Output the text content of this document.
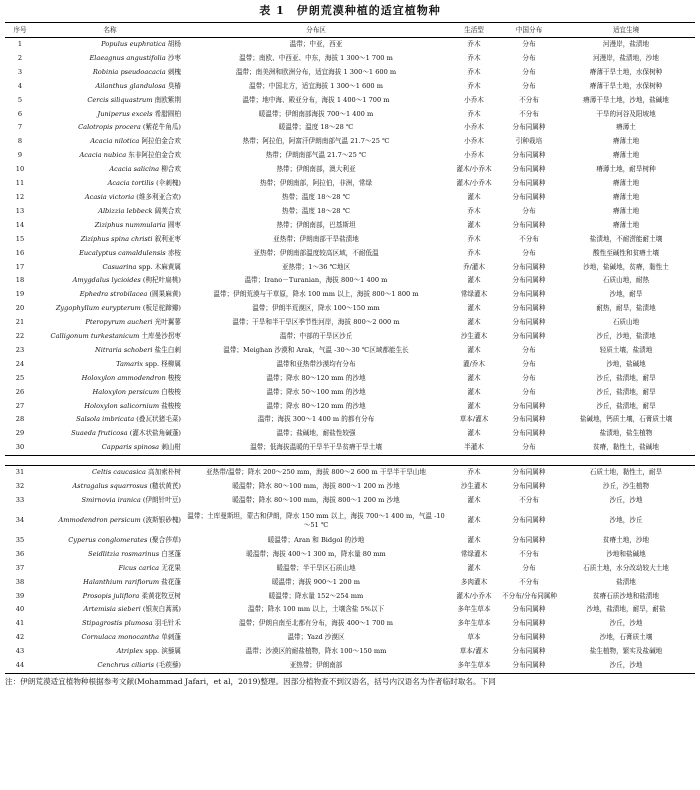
表 1　伊朗荒漠种植的适宜植物种
序号	名称	分布区	生活型	中国分布	适宜生境
1	Populus euphratica 胡杨	温带；中亚，西亚	乔木	分布	河漫岸，盐渍地
2	Elaeagnus angustifolia 沙枣	温带；南欧、中西亚、中东，海拔 1 300～1 700 m	乔木	分布	河漫岸，盐渍地，沙地
3	Robinia pseudoacacia 刺槐	温带；南美洲和欧洲分布，适宜海拔 1 300～1 600 m	乔木	分布	瘠薄干旱土地，水保树种
4	Ailanthus glandulosa 臭椿	温带；中国北方，适宜海拔 1 300～1 600 m	乔木	分布	瘠薄干旱土地，水保树种
5	Cercis siliquastrum 南欧紫荆	温带；地中海、殿亚分布，海拔 1 400～1 700 m	小乔木	不分布	瘠薄干旱土地，沙地，盐碱地
6	Juniperus excels 希腊圆柏	暖温带；伊朗南部海拔 700～1 400 m	乔木	不分布	干旱的河谷及阳坡地
7	Calotropis procera (紫花牛角瓜)	暖温带；温度 18～28 ℃	小乔木	分布同属种	瘠薄土
8	Acacia nilotica 阿拉伯金合欢	热带；阿拉伯，阿富汗伊朗南部气温 21.7～25 ℃	小乔木	引种栽培	瘠薄土地
9	Acacia nubica 东非阿拉伯金合欢	热带；伊朗南部气温 21.7～25 ℃	小乔木	分布同属种	瘠薄土地
10	Acacia salicina 柳合欢	热带；伊朗南部，澳大利亚	灌木/小乔木	分布同属种	瘠薄土地，耐旱树种
11	Acacia tortilis (伞刺槐)	热带；伊朗南部，阿拉伯，非洲，常绿	灌木/小乔木	分布同属种	瘠薄土地
12	Acasia victoria (维多利亚合欢)	热带；温度 18～28 ℃	灌木	分布同属种	瘠薄土地
13	Albizzia lebbeck 阔荚合欢	热带；温度 18～28 ℃	乔木	分布	瘠薄土地
14	Ziziphus nummularia 圆枣	热带；伊朗南部，巴基斯坦	灌木	分布同属种	瘠薄土地
15	Ziziphus spina christi 叙利亚枣	亚热带；伊朗南部干旱盐渍地	乔木	不分布	盐渍地，不耐涝能耐土壤
16	Eucalyptus camaldulensis 赤桉	亚热带；伊朗南部温度较高区域，不耐低温	乔木	分布	酸性至碱性和贫瘠土壤
17	Casuarina spp. 木麻黄属	亚热带；1～36 ℃地区	乔/灌木	分布同属种	沙地，盐碱地，贫瘠，黏性土
18	Amygdalus lycioides (枸杞叶扁桃)	温带；Irano－Turanian，海拔 800～1 400 m	灌木	分布同属种	石质山地，耐热
19	Ephedra strobilacea (圆果麻黄)	温带；伊朗荒漠与干草原，降水 100 mm 以上，海拔 800～1 800 m	常绿灌木	分布同属种	沙地，耐旱
20	Zygophyllum eurypterum (板足驼蹄瓣)	温带；伊朗半荒漠区，降水 100～150 mm	灌木	分布同属种	耐热，耐旱，盐渍地
21	Pteropyrum aucheri 光叶翼蓼	温带；干旱和半干旱区季节性河岸，海拔 800～2 000 m	灌木	分布同属种	石质山地
22	Calligonum turkestanicum 土库曼沙拐枣	温带；中部的干旱区沙丘	沙生灌木	分布同属种	沙丘，沙地，盐渍地
23	Nitraria schoberi 盐生白刺	温带；Meighan 沙漠和 Arak，气温 -30～30 ℃区域都能生长	灌木	分布	轻质土壤，盐渍地
24	Tamarix spp. 柽柳属	温带和亚热带沙漠均有分布	灌/乔木	分布	沙地，盐碱地
25	Holoxylon ammodendron 梭梭	温带；降水 80～120 mm 的沙地	灌木	分布	沙丘，盐渍地，耐旱
26	Haloxylon persicum 白梭梭	温带；降水 50～100 mm 的沙地	灌木	分布	沙丘，盐渍地，耐旱
27	Holoxylon salicornium 盐梭梭	温带；降水 80～120 mm 的沙地	灌木	分布同属种	沙丘，盐渍地，耐旱
28	Salsola imbricata (叠瓦状猪毛菜)	温带；海拔 300～1 400 m 的都有分布	草本/灌木	分布同属种	盐碱地，钙质土壤，石膏质土壤
29	Suaeda fruticosa (灌木状盐角碱蓬)	温带；盐碱地，耐盐性较强	灌木	分布同属种	盐渍地，盐生植物
30	Capparis spinosa 刺山柑	温带；低海拔温暖的干旱半干旱贫瘠干旱土壤	半灌木	分布	贫瘠，黏性土，盐碱地

31	Celtis caucasica 高加索朴树	亚热带/温带；降水 200～250 mm，海拔 800～2 600 m 干旱半干旱山地	乔木	分布同属种	石质土地，黏性土，耐旱
32	Astragalus squarrosus (糙状黄芪)	暖温带；降水 80～100 mm，海拔 800～1 200 m 沙地	沙生灌木	分布同属种	沙丘，沙生植物
33	Smirnovia iranica (伊朗针叶豆)	暖温带；降水 80～100 mm，海拔 800～1 200 m 沙地	灌木	不分布	沙丘，沙地
34	Ammodendron persicum (波斯银砂槐)	温带；土库曼斯坦，蒙古和伊朗，降水 150 mm 以上，海拔 700～1 400 m，气温 -10～51 ℃	灌木	分布同属种	沙地，沙丘
35	Cyperus conglomerates (聚合莎草)	暖温带；Aran 和 Bidgol 的沙地	灌木	分布同属种	贫瘠土地，沙地
36	Seidlitzia rosmarinus 白茎蓬	暖温带；海拔 400～1 300 m，降水量 80 mm	常绿灌木	不分布	沙地和盐碱地
37	Ficus carica 无花果	暖温带；半干旱区石质山地	灌木	分布	石质土地，水分改动较大土地
38	Halanthium rarifiorum 盐花蓬	暖温带；海拔 900～1 200 m	多肉灌木	不分布	盐渍地
39	Prosopis juliflora 柔黄花牧豆树	暖温带；降水量 152～254 mm	灌木/小乔木	不分布/分布同属种	贫瘠石质沙地和盐渍地
40	Artemisia sieberi (银灰白蒿蒿)	温带；降水 100 mm 以上，土壤含盐 5%以下	多年生草本	分布同属种	沙地，盐渍地，耐旱，耐盐
41	Stipagrostis plumosa 羽毛针禾	温带；伊朗自南至北都有分布，海拔 400～1 700 m	多年生草本	分布同属种	沙丘，沙地
42	Cornulaca monocantha 单刺蓬	温带；Yazd 沙漠区	草本	分布同属种	沙地，石膏质土壤
43	Atriplex spp. 滨藜属	温带；沙漠区的耐盐植物，降水 100～150 mm	草本/灌木	分布同属种	盐生植物，繁实及盐碱地
44	Cenchrus ciliaris (毛蒺藜)	亚热带；伊朗南部	多年生草本	分布同属种	沙丘，沙地
注：伊朗荒漠适宜植物种根据参考文献(Mohammad Jafari，et al，2019)整理。因部分植物查不到汉语名，括号内汉语名为作者临时取名。下同
